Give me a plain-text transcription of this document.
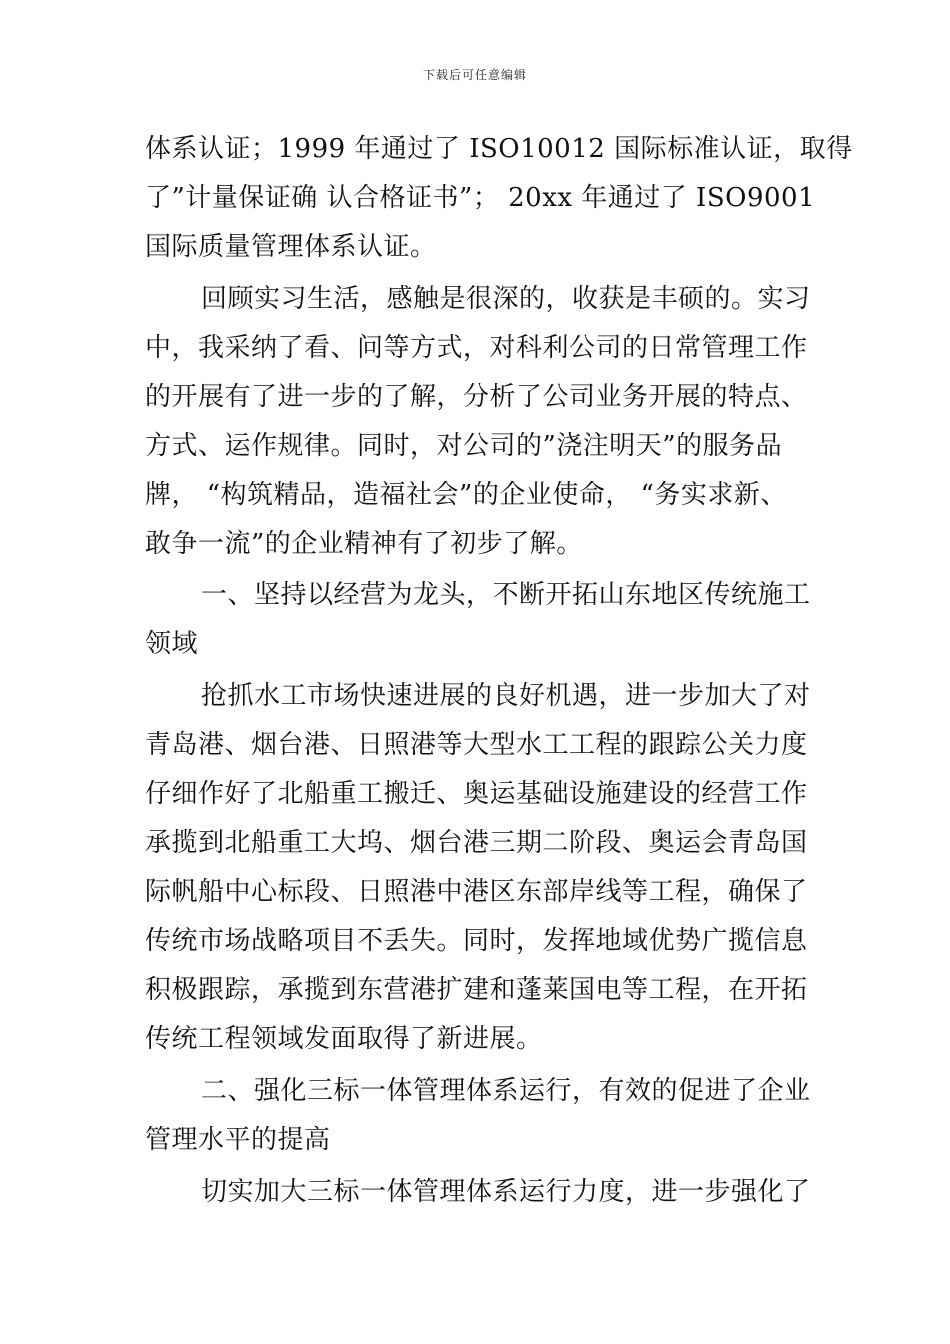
下载后可任意编辑
体系认证；1999 年通过了 ISO10012 国际标准认证，取得
了”计量保证确 认合格证书”； 20xx 年通过了 ISO9001
国际质量管理体系认证。
回顾实习生活，感触是很深的，收获是丰硕的。实习
中，我采纳了看、问等方式，对科利公司的日常管理工作
的开展有了进一步的了解，分析了公司业务开展的特点、
方式、运作规律。同时，对公司的”浇注明天”的服务品
牌， “构筑精品，造福社会”的企业使命， “务实求新、
敢争一流”的企业精神有了初步了解。
一、坚持以经营为龙头，不断开拓山东地区传统施工
领域
抢抓水工市场快速进展的良好机遇，进一步加大了对
青岛港、烟台港、日照港等大型水工工程的跟踪公关力度
仔细作好了北船重工搬迁、奥运基础设施建设的经营工作
承揽到北船重工大坞、烟台港三期二阶段、奥运会青岛国
际帆船中心标段、日照港中港区东部岸线等工程，确保了
传统市场战略项目不丢失。同时，发挥地域优势广揽信息
积极跟踪，承揽到东营港扩建和蓬莱国电等工程，在开拓
传统工程领域发面取得了新进展。
二、强化三标一体管理体系运行，有效的促进了企业
管理水平的提高
切实加大三标一体管理体系运行力度，进一步强化了
